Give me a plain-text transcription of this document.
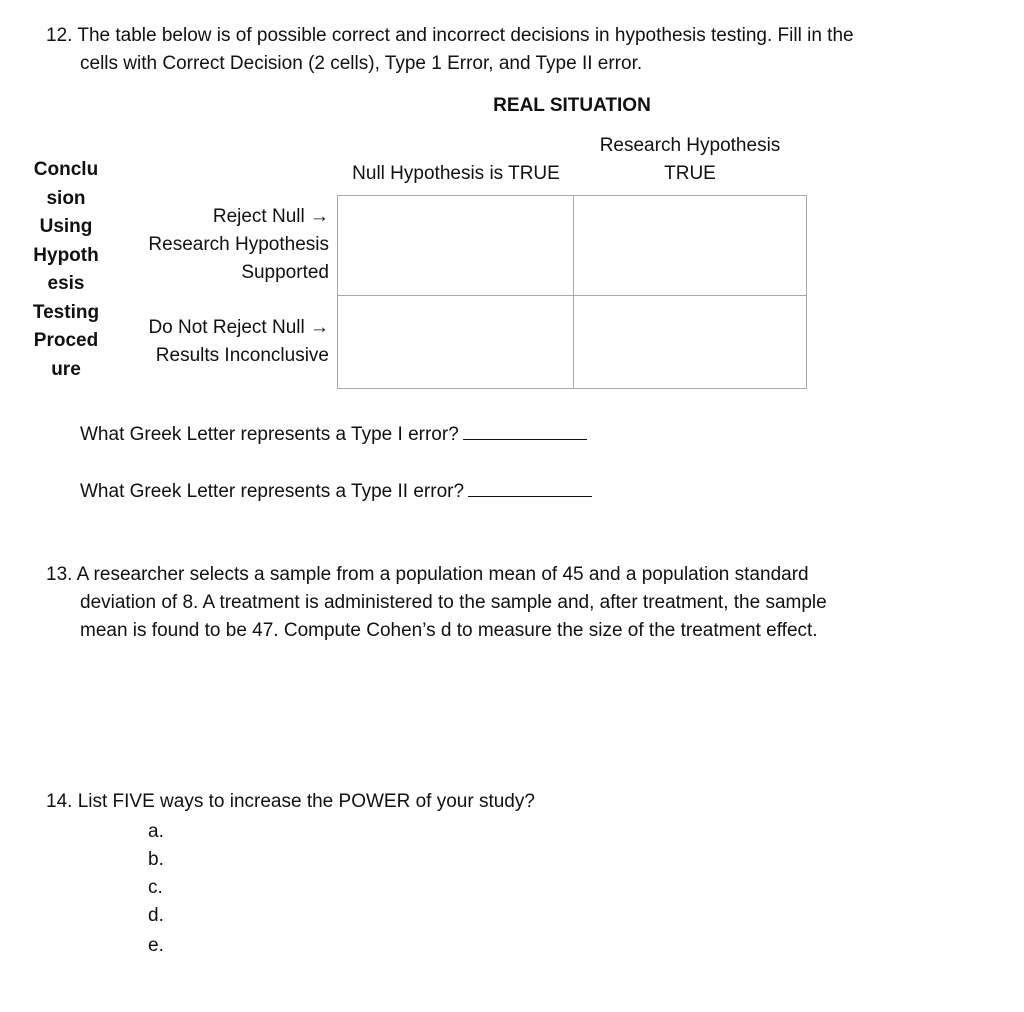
12. The table below is of possible correct and incorrect decisions in hypothesis testing. Fill in the
cells with Correct Decision (2 cells), Type 1 Error, and Type II error.
REAL SITUATION
Research Hypothesis
TRUE
Null Hypothesis is TRUE
Conclu
sion
Using
Hypoth
esis
Testing
Proced
ure
Reject Null →
Research Hypothesis
Supported
Do Not Reject Null →
Results Inconclusive
What Greek Letter represents a Type I error?
What Greek Letter represents a Type II error?
13. A researcher selects a sample from a population mean of 45 and a population standard
deviation of 8. A treatment is administered to the sample and, after treatment, the sample
mean is found to be 47. Compute Cohen’s d to measure the size of the treatment effect.
14. List FIVE ways to increase the POWER of your study?
a.
b.
c.
d.
e.
